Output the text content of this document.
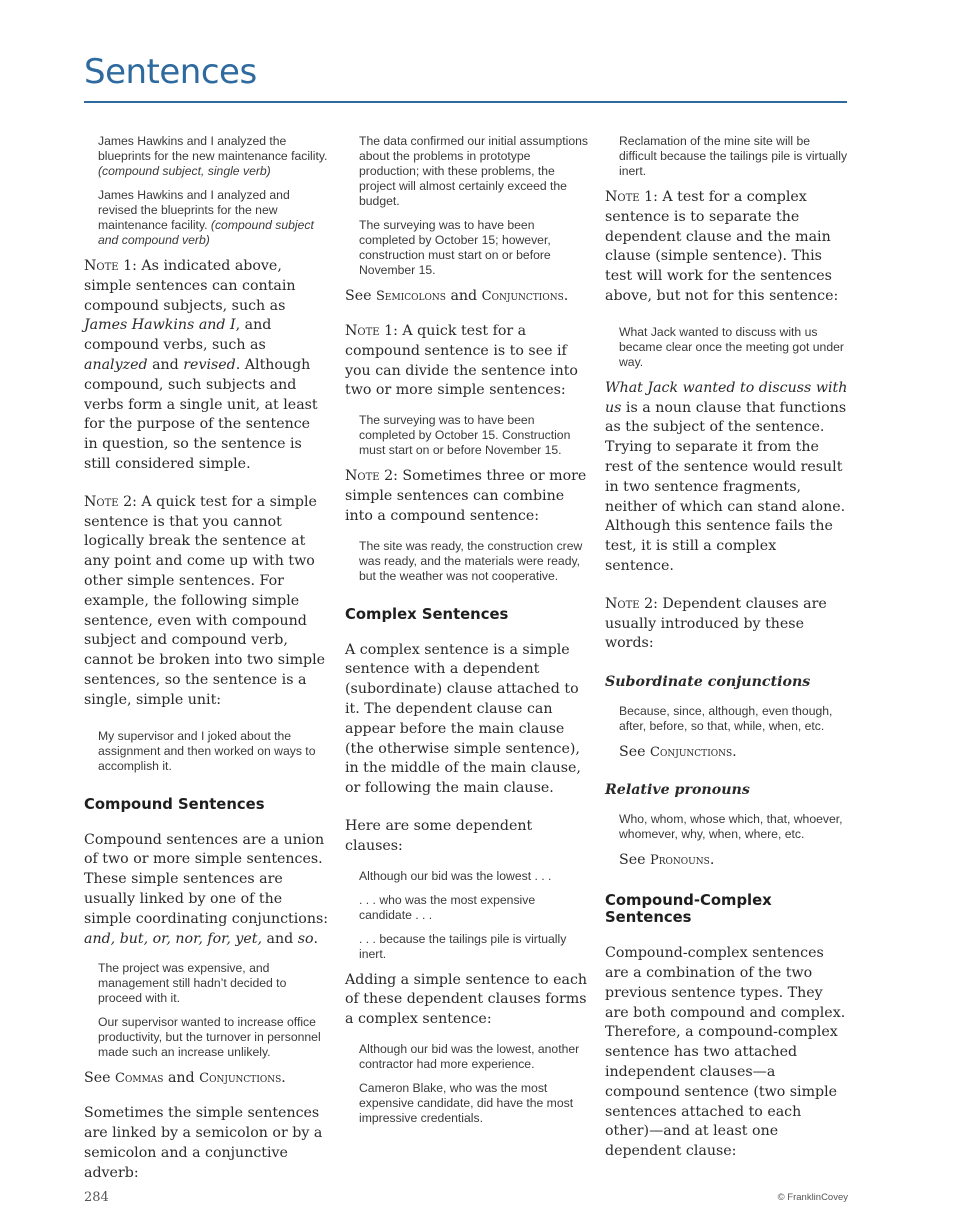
Sentences

James Hawkins and I analyzed the blueprints for the new maintenance facility. (compound subject, single verb)

James Hawkins and I analyzed and revised the blueprints for the new maintenance facility. (compound subject and compound verb)

Note 1: As indicated above, simple sentences can contain compound subjects, such as James Hawkins and I, and compound verbs, such as analyzed and revised. Although compound, such subjects and verbs form a single unit, at least for the purpose of the sentence in question, so the sentence is still considered simple.

Note 2: A quick test for a simple sentence is that you cannot logically break the sentence at any point and come up with two other simple sentences. For example, the following simple sentence, even with compound subject and compound verb, cannot be broken into two simple sentences, so the sentence is a single, simple unit:

My supervisor and I joked about the assignment and then worked on ways to accomplish it.

Compound Sentences

Compound sentences are a union of two or more simple sentences. These simple sentences are usually linked by one of the simple coordinating conjunctions: and, but, or, nor, for, yet, and so.

The project was expensive, and management still hadn’t decided to proceed with it.

Our supervisor wanted to increase office productivity, but the turnover in personnel made such an increase unlikely.

See Commas and Conjunctions.

Sometimes the simple sentences are linked by a semicolon or by a semicolon and a conjunctive adverb:

The data confirmed our initial assumptions about the problems in prototype production; with these problems, the project will almost certainly exceed the budget.

The surveying was to have been completed by October 15; however, construction must start on or before November 15.

See Semicolons and Conjunctions.

Note 1: A quick test for a compound sentence is to see if you can divide the sentence into two or more simple sentences:

The surveying was to have been completed by October 15. Construction must start on or before November 15.

Note 2: Sometimes three or more simple sentences can combine into a compound sentence:

The site was ready, the construction crew was ready, and the materials were ready, but the weather was not cooperative.

Complex Sentences

A complex sentence is a simple sentence with a dependent (subordinate) clause attached to it. The dependent clause can appear before the main clause (the otherwise simple sentence), in the middle of the main clause, or following the main clause.

Here are some dependent clauses:

Although our bid was the lowest . . .

. . . who was the most expensive candidate . . .

. . . because the tailings pile is virtually inert.

Adding a simple sentence to each of these dependent clauses forms a complex sentence:

Although our bid was the lowest, another contractor had more experience.

Cameron Blake, who was the most expensive candidate, did have the most impressive credentials.

Reclamation of the mine site will be difficult because the tailings pile is virtually inert.

Note 1: A test for a complex sentence is to separate the dependent clause and the main clause (simple sentence). This test will work for the sentences above, but not for this sentence:

What Jack wanted to discuss with us became clear once the meeting got under way.

What Jack wanted to discuss with us is a noun clause that functions as the subject of the sentence. Trying to separate it from the rest of the sentence would result in two sentence fragments, neither of which can stand alone. Although this sentence fails the test, it is still a complex sentence.

Note 2: Dependent clauses are usually introduced by these words:

Subordinate conjunctions

Because, since, although, even though, after, before, so that, while, when, etc.

See Conjunctions.

Relative pronouns

Who, whom, whose which, that, whoever, whomever, why, when, where, etc.

See Pronouns.

Compound-Complex Sentences

Compound-complex sentences are a combination of the two previous sentence types. They are both compound and complex. Therefore, a compound-complex sentence has two attached independent clauses—a compound sentence (two simple sentences attached to each other)—and at least one dependent clause:

284	© FranklinCovey
